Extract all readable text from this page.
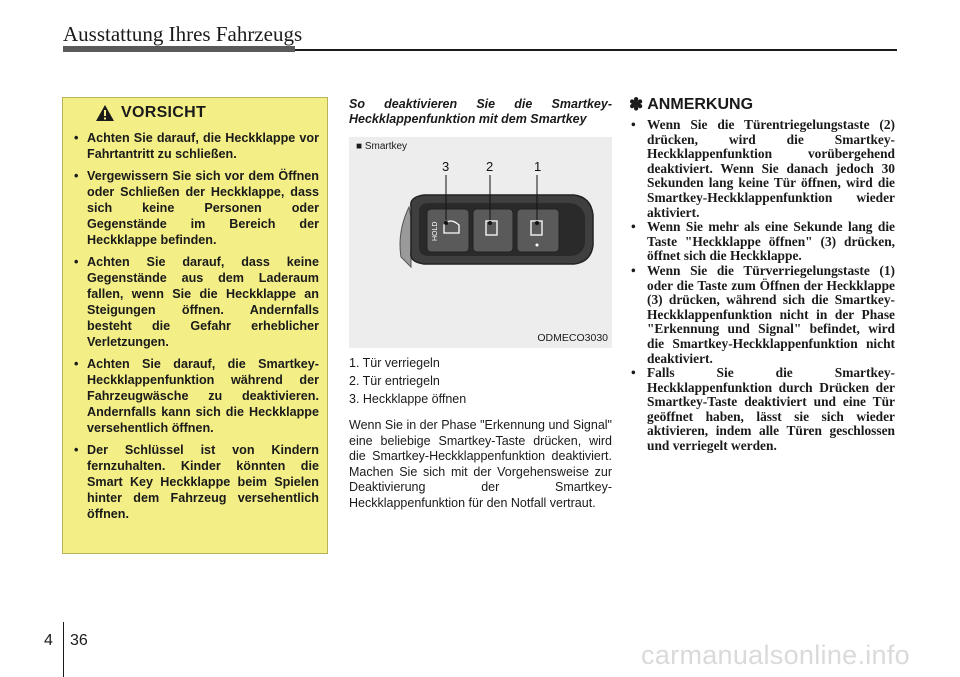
Ausstattung Ihres Fahrzeugs
VORSICHT
• Achten Sie darauf, die Heckklappe vor Fahrtantritt zu schließen.
• Vergewissern Sie sich vor dem Öffnen oder Schließen der Heckklappe, dass sich keine Personen oder Gegenstände im Bereich der Heckklappe befinden.
• Achten Sie darauf, dass keine Gegenstände aus dem Laderaum fallen, wenn Sie die Heckklappe an Steigungen öffnen. Andernfalls besteht die Gefahr erheblicher Verletzungen.
• Achten Sie darauf, die Smartkey-Heckklappenfunktion während der Fahrzeugwäsche zu deaktivieren. Andernfalls kann sich die Heckklappe versehentlich öffnen.
• Der Schlüssel ist von Kindern fernzuhalten. Kinder könnten die Smart Key Heckklappe beim Spielen hinter dem Fahrzeug versehentlich öffnen.
So deaktivieren Sie die Smartkey-Heckklappenfunktion mit dem Smartkey
■ Smartkey
HOLD
3	2	1
ODMECO3030
1. Tür verriegeln
2. Tür entriegeln
3. Heckklappe öffnen
Wenn Sie in der Phase "Erkennung und Signal" eine beliebige Smartkey-Taste drücken, wird die Smartkey-Heckklappenfunktion deaktiviert. Machen Sie sich mit der Vorgehensweise zur Deaktivierung der Smartkey-Heckklappenfunktion für den Notfall vertraut.
✽ ANMERKUNG
• Wenn Sie die Türentriegelungstaste (2) drücken, wird die Smartkey-Heckklappenfunktion vorübergehend deaktiviert. Wenn Sie danach jedoch 30 Sekunden lang keine Tür öffnen, wird die Smartkey-Heckklappenfunktion wieder aktiviert.
• Wenn Sie mehr als eine Sekunde lang die Taste "Heckklappe öffnen" (3) drücken, öffnet sich die Heckklappe.
• Wenn Sie die Türverriegelungstaste (1) oder die Taste zum Öffnen der Heckklappe (3) drücken, während sich die Smartkey-Heckklappenfunktion nicht in der Phase "Erkennung und Signal" befindet, wird die Smartkey-Heckklappenfunktion nicht deaktiviert.
• Falls Sie die Smartkey-Heckklappenfunktion durch Drücken der Smartkey-Taste deaktiviert und eine Tür geöffnet haben, lässt sie sich wieder aktivieren, indem alle Türen geschlossen und verriegelt werden.
4 36	carmanualsonline.info
